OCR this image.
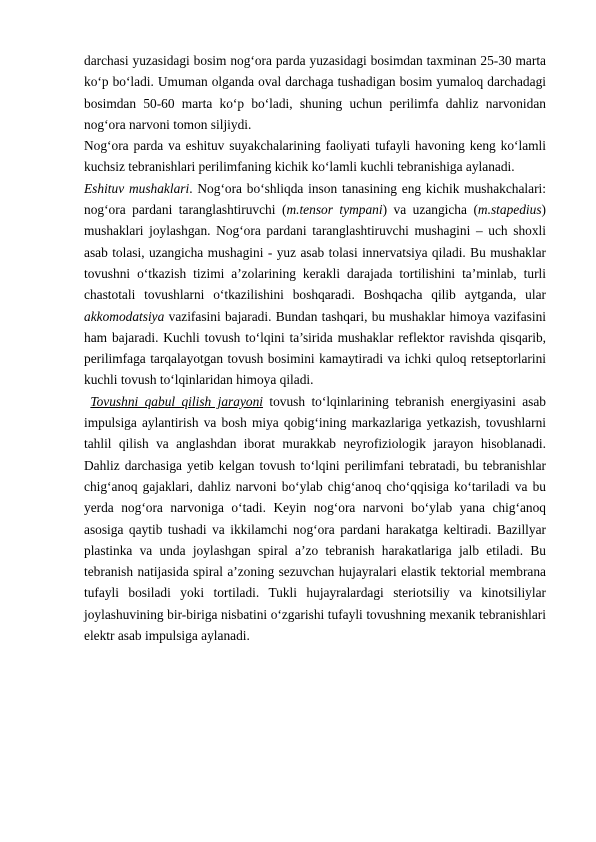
darchasi yuzasidagi bosim nog‘ora parda yuzasidagi bosimdan taxminan 25-30 marta ko‘p bo‘ladi. Umuman olganda oval darchaga tushadigan bosim yumaloq darchadagi bosimdan 50-60 marta ko‘p bo‘ladi, shuning uchun perilimfa dahliz narvonidan nog‘ora narvoni tomon siljiydi.

Nog‘ora parda va eshituv suyakchalarining faoliyati tufayli havoning keng ko‘lamli kuchsiz tebranishlari perilimfaning kichik ko‘lamli kuchli tebranishiga aylanadi.

Eshituv mushaklari. Nog‘ora bo‘shliqda inson tanasining eng kichik mushakchalari: nog‘ora pardani taranglashtiruvchi (m.tensor tympani) va uzangicha (m.stapedius) mushaklari joylashgan. Nog‘ora pardani taranglashtiruvchi mushagini – uch shoxli asab tolasi, uzangicha mushagini - yuz asab tolasi innervatsiya qiladi. Bu mushaklar tovushni o‘tkazish tizimi a’zolarining kerakli darajada tortilishini ta’minlab, turli chastotali tovushlarni o‘tkazilishini boshqaradi. Boshqacha qilib aytganda, ular akkomodatsiya vazifasini bajaradi. Bundan tashqari, bu mushaklar himoya vazifasini ham bajaradi. Kuchli tovush to‘lqini ta’sirida mushaklar reflektor ravishda qisqarib, perilimfaga tarqalayotgan tovush bosimini kamaytiradi va ichki quloq retseptorlarini kuchli tovush to‘lqinlaridan himoya qiladi.

Tovushni qabul qilish jarayoni tovush to‘lqinlarining tebranish energiyasini asab impulsiga aylantirish va bosh miya qobig‘ining markazlariga yetkazish, tovushlarni tahlil qilish va anglashdan iborat murakkab neyrofiziologik jarayon hisoblanadi. Dahliz darchasiga yetib kelgan tovush to‘lqini perilimfani tebratadi, bu tebranishlar chig‘anoq gajaklari, dahliz narvoni bo‘ylab chig‘anoq cho‘qqisiga ko‘tariladi va bu yerda nog‘ora narvoniga o‘tadi. Keyin nog‘ora narvoni bo‘ylab yana chig‘anoq asosiga qaytib tushadi va ikkilamchi nog‘ora pardani harakatga keltiradi. Bazillyar plastinka va unda joylashgan spiral a’zo tebranish harakatlariga jalb etiladi. Bu tebranish natijasida spiral a’zoning sezuvchan hujayralari elastik tektorial membrana tufayli bosiladi yoki tortiladi. Tukli hujayralardagi steriotsiliy va kinotsiliylar joylashuvining bir-biriga nisbatini o‘zgarishi tufayli tovushning mexanik tebranishlari elektr asab impulsiga aylanadi.
